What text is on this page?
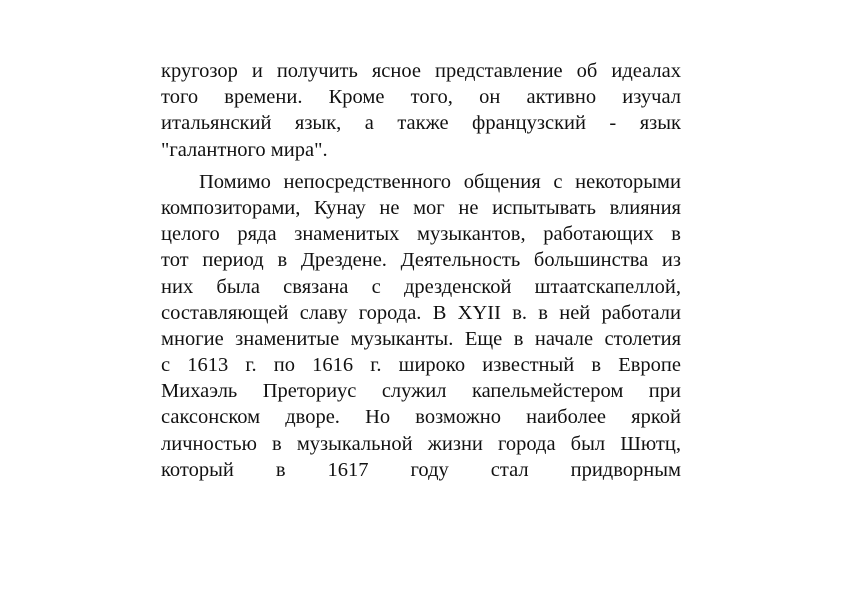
кругозор и получить ясное представление об идеалах
того времени. Кроме того, он активно изучал
итальянский язык, а также французский - язык
"галантного мира".
Помимо непосредственного общения с некоторыми
композиторами, Кунау не мог не испытывать влияния
целого ряда знаменитых музыкантов, работающих в
тот период в Дрездене. Деятельность большинства из
них была связана с дрезденской штаатскапеллой,
составляющей славу города. В XYII в. в ней работали
многие знаменитые музыканты. Еще в начале столетия
с 1613 г. по 1616 г. широко известный в Европе
Михаэль Преториус служил капельмейстером при
саксонском дворе. Но возможно наиболее яркой
личностью в музыкальной жизни города был Шютц,
который в 1617 году стал придворным
